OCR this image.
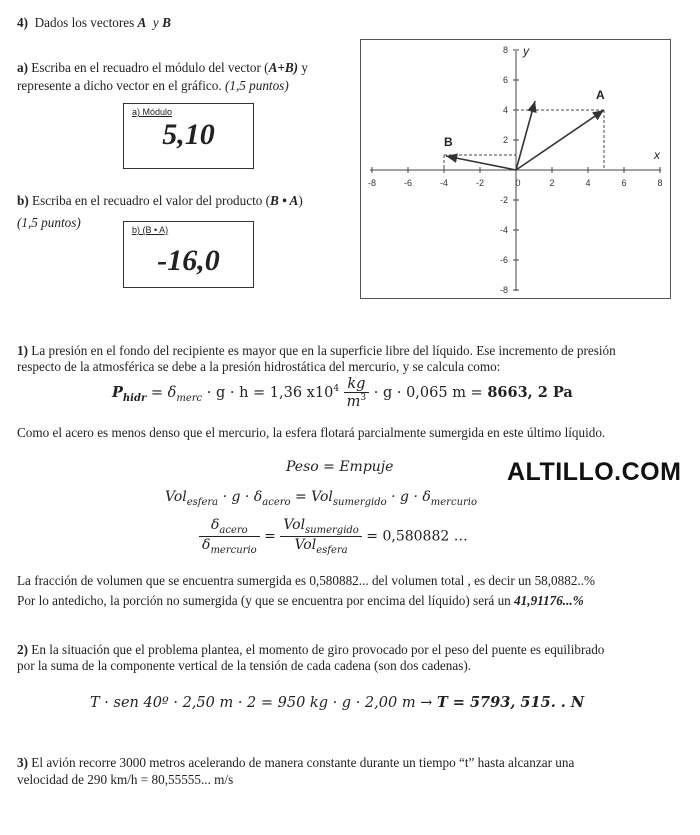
4) Dados los vectores A y B
a) Escriba en el recuadro el módulo del vector (A+B) y
represente a dicho vector en el gráfico. (1,5 puntos)
a) Módulo
5,10
b) Escriba en el recuadro el valor del producto (B • A)
(1,5 puntos)	b) (B • A)
-16,0
-8	-6	-4	-2	0	2	4	6	8
8
6
4
2
-2
-4
-6
-8
y
x
A
B
1) La presión en el fondo del recipiente es mayor que en la superficie libre del líquido. Ese incremento de presión
respecto de la atmosférica se debe a la presión hidrostática del mercurio, y se calcula como:
$P_{hidr} = \delta_{merc} \cdot g \cdot h = 1,36$ $x10^4 \frac{kg}{m^3} \cdot g \cdot 0,065$ m = 8663, 2 Pa
Como el acero es menos denso que el mercurio, la esfera flotará parcialmente sumergida en este último líquido.
Peso = Empuje
$Vol_{esfera} \cdot g \cdot \delta_{acero} = Vol_{sumergido} \cdot g \cdot \delta_{mercurio}$
$\frac{\delta_{acero}}{\delta_{mercurio}} = \frac{Vol_{sumergido}}{Vol_{esfera}} = 0,580882$ …
La fracción de volumen que se encuentra sumergida es 0,580882... del volumen total , es decir un 58,0882..%
Por lo antedicho, la porción no sumergida (y que se encuentra por encima del líquido) será un 41,91176...%
ALTILLO.COM
2) En la situación que el problema plantea, el momento de giro provocado por el peso del puente es equilibrado
por la suma de la componente vertical de la tensión de cada cadena (son dos cadenas).
T · sen 40º · 2,50 m · 2 = 950 kg · g · 2,00 m → T = 5793, 515. . N
3) El avión recorre 3000 metros acelerando de manera constante durante un tiempo “t” hasta alcanzar una
velocidad de 290 km/h = 80,55555... m/s
